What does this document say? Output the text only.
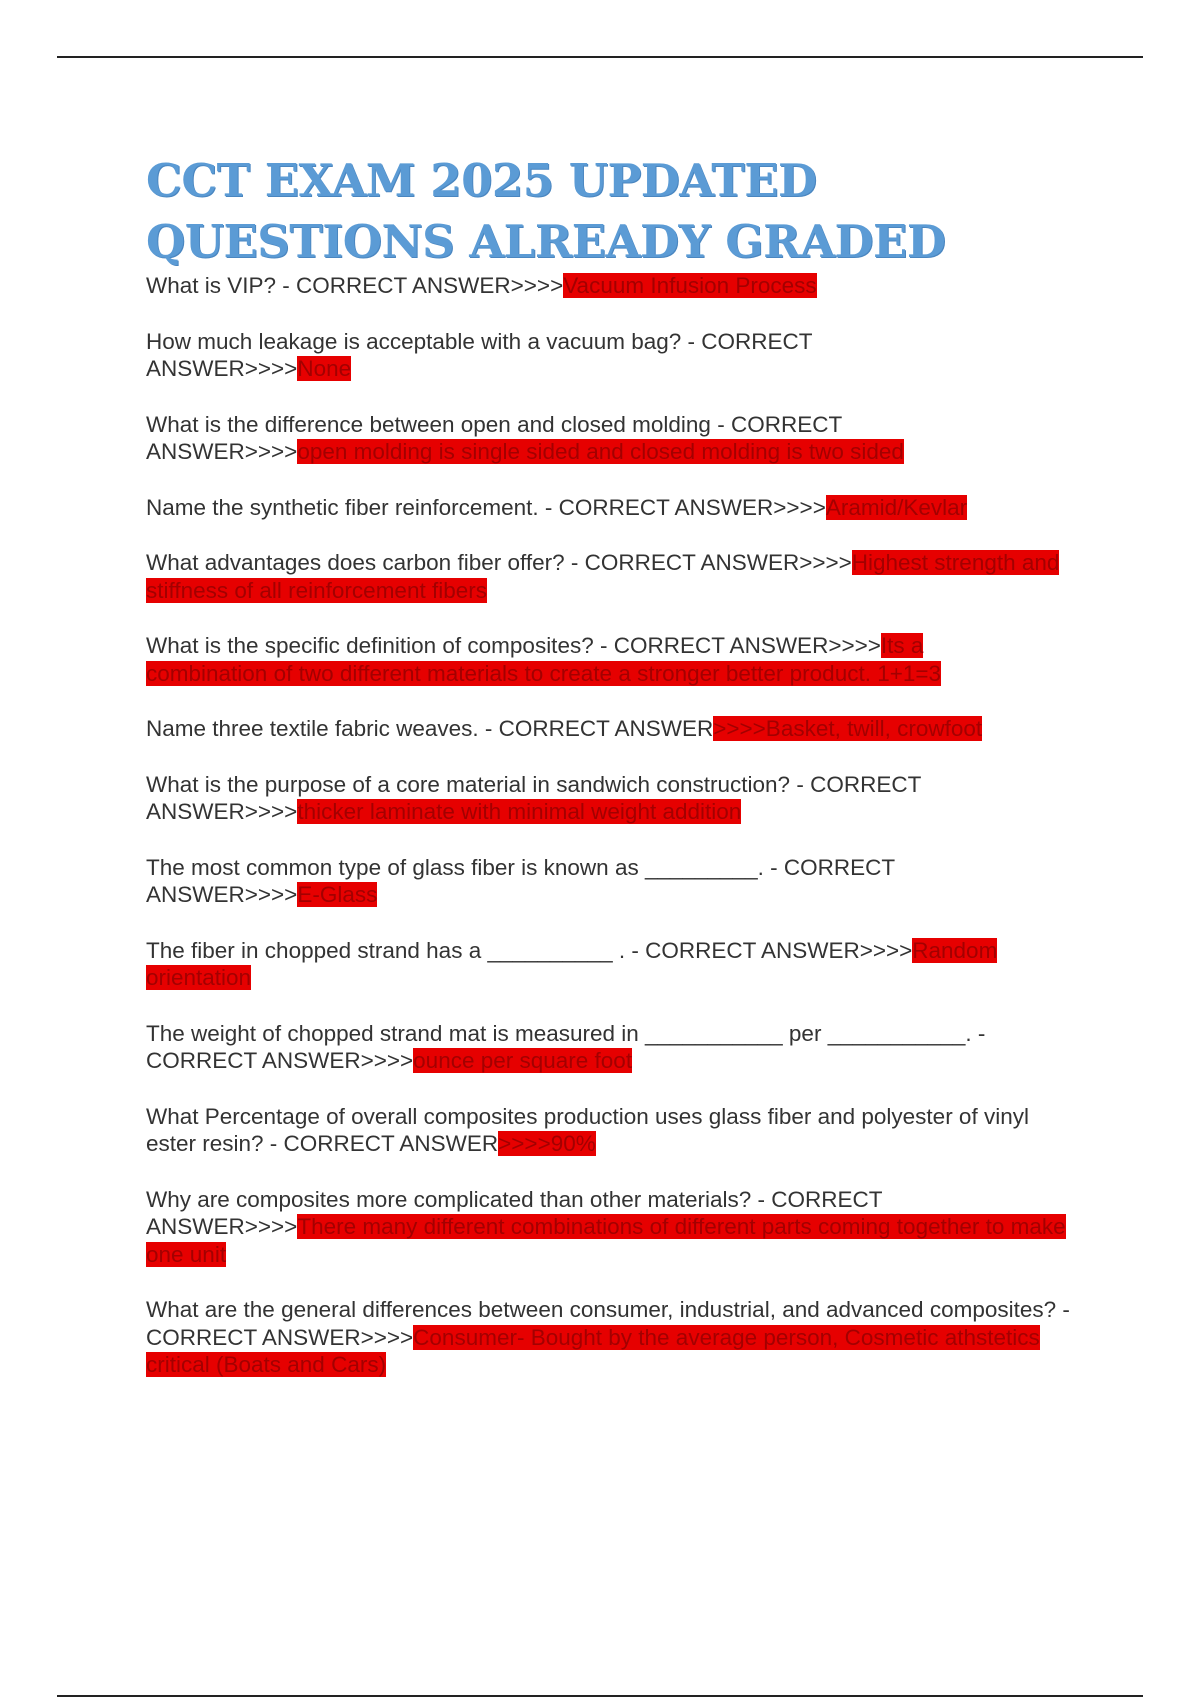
CCT EXAM 2025 UPDATED
QUESTIONS ALREADY GRADED

What is VIP? - CORRECT ANSWER>>>>Vacuum Infusion Process

How much leakage is acceptable with a vacuum bag? - CORRECT ANSWER>>>>None

What is the difference between open and closed molding - CORRECT ANSWER>>>>open molding is single sided and closed molding is two sided

Name the synthetic fiber reinforcement. - CORRECT ANSWER>>>>Aramid/Kevlar

What advantages does carbon fiber offer? - CORRECT ANSWER>>>>Highest strength and stiffness of all reinforcement fibers

What is the specific definition of composites? - CORRECT ANSWER>>>>Its a combination of two different materials to create a stronger better product. 1+1=3

Name three textile fabric weaves. - CORRECT ANSWER>>>>Basket, twill, crowfoot

What is the purpose of a core material in sandwich construction? - CORRECT ANSWER>>>>thicker laminate with minimal weight addition

The most common type of glass fiber is known as _________. - CORRECT ANSWER>>>>E-Glass

The fiber in chopped strand has a __________ . - CORRECT ANSWER>>>>Random orientation

The weight of chopped strand mat is measured in ___________ per ___________. - CORRECT ANSWER>>>>ounce per square foot

What Percentage of overall composites production uses glass fiber and polyester of vinyl ester resin? - CORRECT ANSWER>>>>90%

Why are composites more complicated than other materials? - CORRECT ANSWER>>>>There many different combinations of different parts coming together to make one unit

What are the general differences between consumer, industrial, and advanced composites? - CORRECT ANSWER>>>>Consumer- Bought by the average person, Cosmetic athstetics critical (Boats and Cars)
